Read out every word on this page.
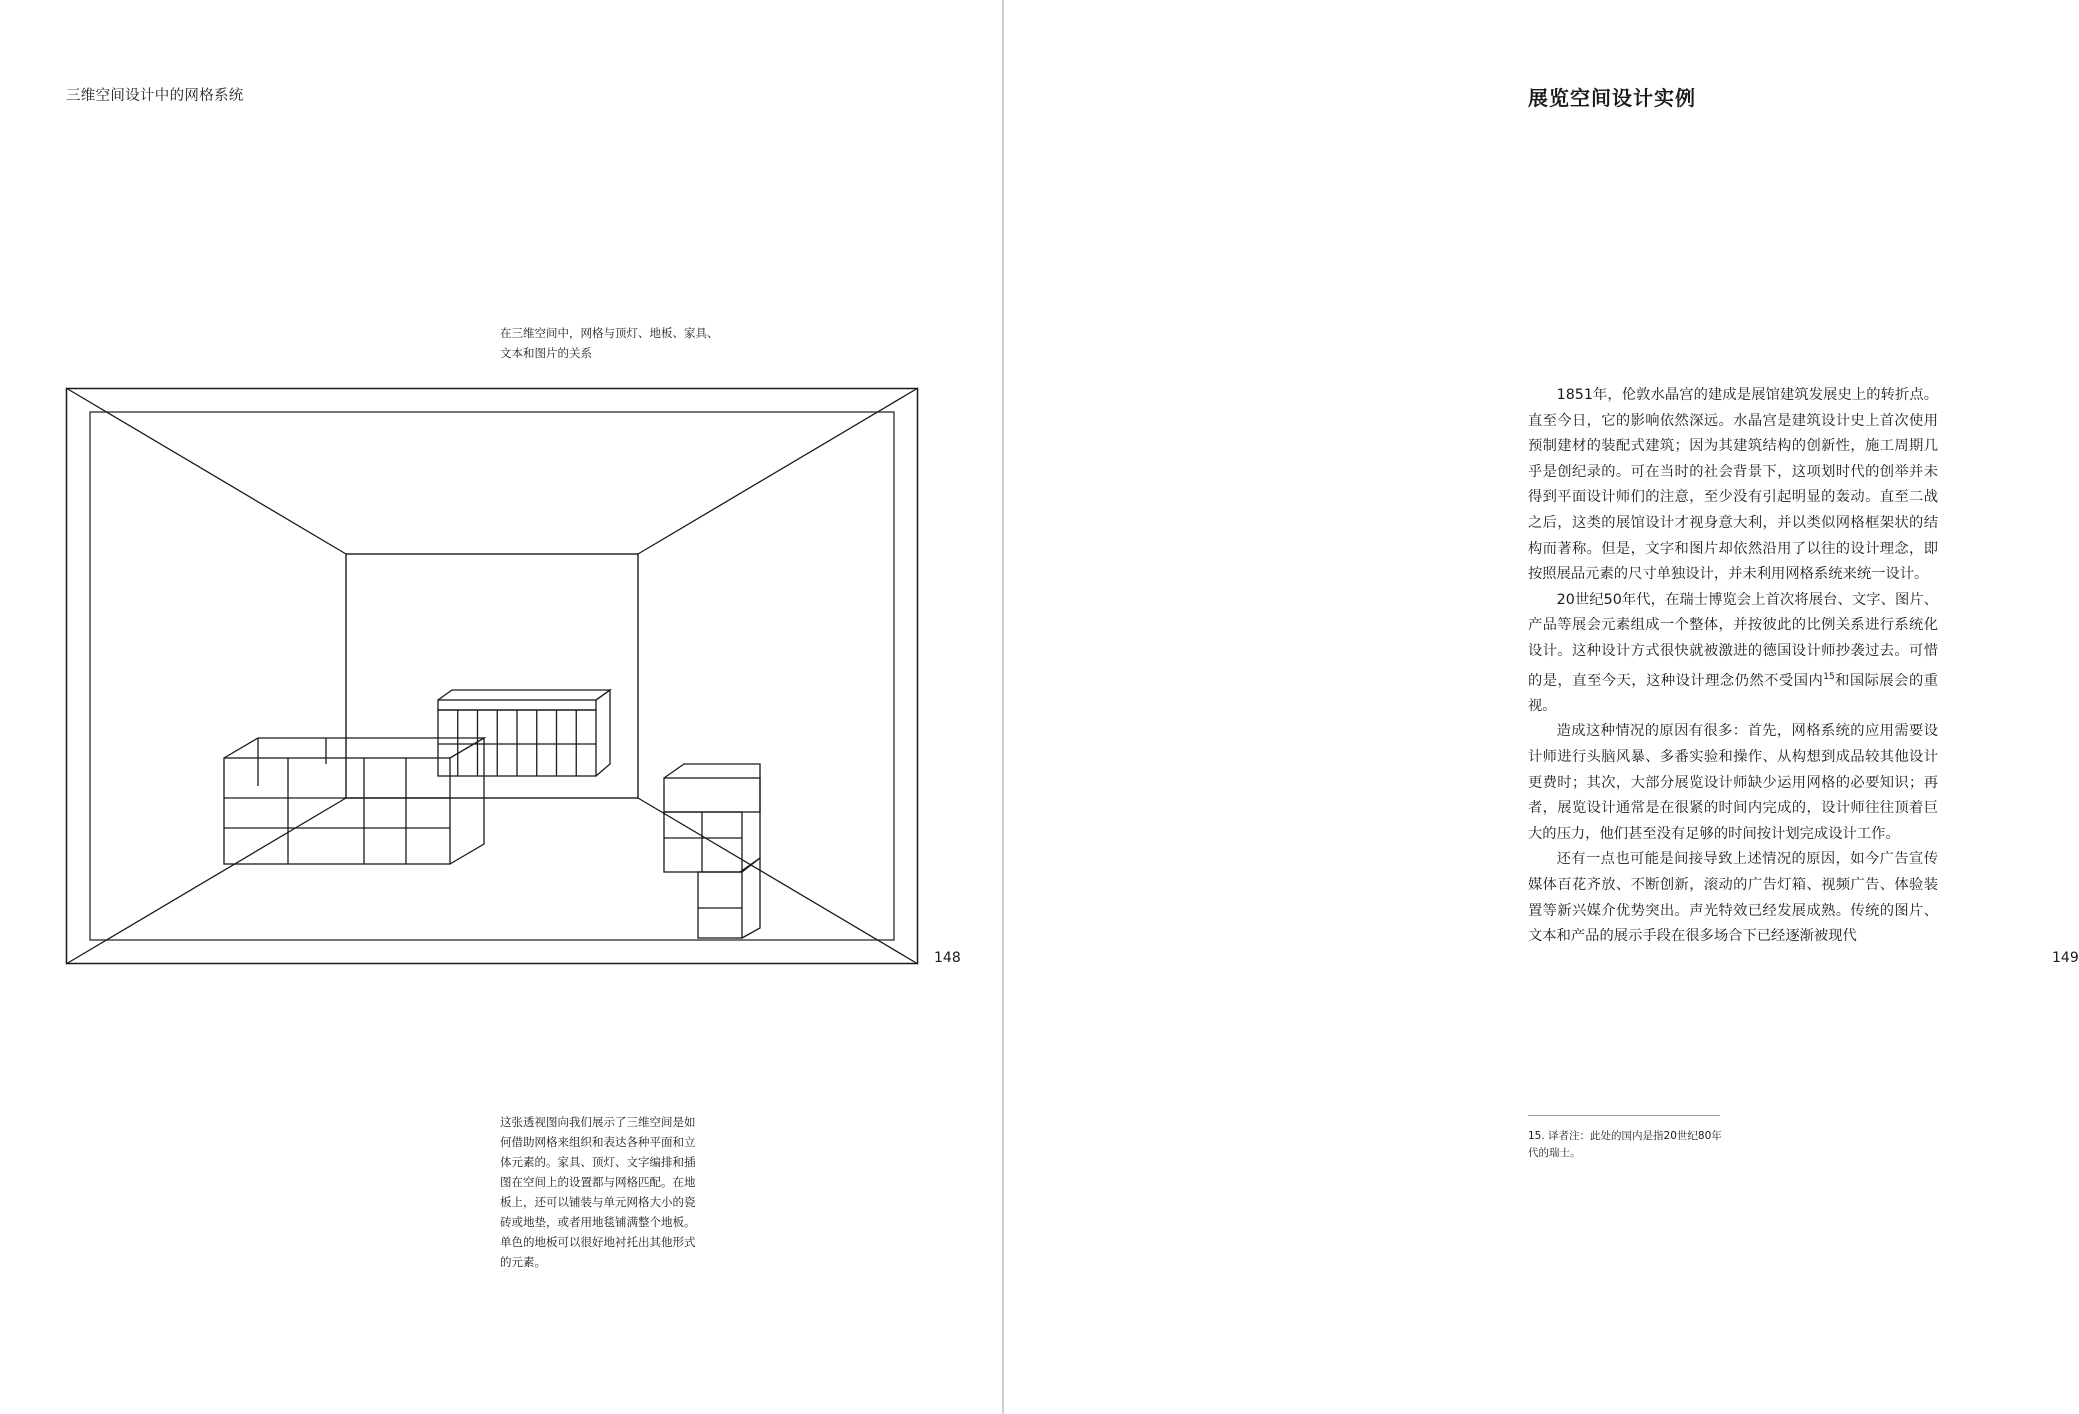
三维空间设计中的网格系统
在三维空间中，网格与顶灯、地板、家具、文本和图片的关系
这张透视图向我们展示了三维空间是如何借助网格来组织和表达各种平面和立体元素的。家具、顶灯、文字编排和插图在空间上的设置都与网格匹配。在地板上，还可以铺装与单元网格大小的瓷砖或地垫，或者用地毯铺满整个地板。单色的地板可以很好地衬托出其他形式的元素。
148	149
展览空间设计实例

1851年，伦敦水晶宫的建成是展馆建筑发展史上的转折点。直至今日，它的影响依然深远。水晶宫是建筑设计史上首次使用预制建材的装配式建筑；因为其建筑结构的创新性，施工周期几乎是创纪录的。可在当时的社会背景下，这项划时代的创举并未得到平面设计师们的注意，至少没有引起明显的轰动。直至二战之后，这类的展馆设计才视身意大利，并以类似网格框架状的结构而著称。但是，文字和图片却依然沿用了以往的设计理念，即按照展品元素的尺寸单独设计，并未利用网格系统来统一设计。

20世纪50年代，在瑞士博览会上首次将展台、文字、图片、产品等展会元素组成一个整体，并按彼此的比例关系进行系统化设计。这种设计方式很快就被激进的德国设计师抄袭过去。可惜的是，直至今天，这种设计理念仍然不受国内$^{15}$和国际展会的重视。

造成这种情况的原因有很多：首先，网格系统的应用需要设计师进行头脑风暴、多番实验和操作、从构想到成品较其他设计更费时；其次，大部分展览设计师缺少运用网格的必要知识；再者，展览设计通常是在很紧的时间内完成的，设计师往往顶着巨大的压力，他们甚至没有足够的时间按计划完成设计工作。

还有一点也可能是间接导致上述情况的原因，如今广告宣传媒体百花齐放、不断创新，滚动的广告灯箱、视频广告、体验装置等新兴媒介优势突出。声光特效已经发展成熟。传统的图片、文本和产品的展示手段在很多场合下已经逐渐被现代

15. 译者注：此处的国内是指20世纪80年代的瑞士。
